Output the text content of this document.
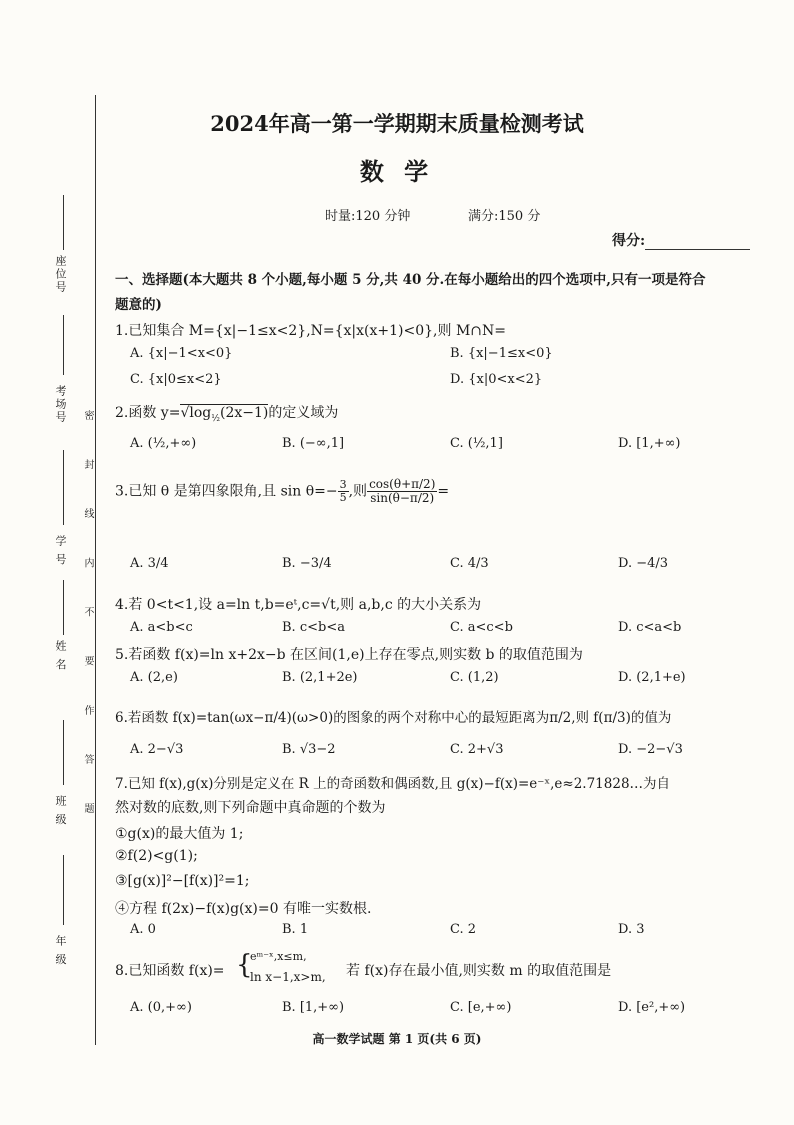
座位号
考场号
学 号
姓 名
班 级
年 级
密 封 线 内 不 要 作 答 题
2024年高一第一学期期末质量检测考试
数 学
时量:120 分钟	满分:150 分
得分:
一、选择题(本大题共 8 个小题,每小题 5 分,共 40 分.在每小题给出的四个选项中,只有一项是符合
题意的)
1.已知集合 M={x|−1≤x<2},N={x|x(x+1)<0},则 M∩N=
A. {x|−1<x<0}	B. {x|−1≤x<0}
C. {x|0≤x<2}	D. {x|0<x<2}
2.函数 $y=√\log_{\frac{1}{2}}(2x-1)$的定义域为
A. (½,+∞)	B. (−∞,1]	C. (½,1]	D. [1,+∞)
3.已知 θ 是第四象限角,且 $\sin \theta=- \frac{3}{5}$ ,则 $\frac{\cos(\theta+\pi/2)}{\sin(\theta-\pi/2)}$ =
A. 3/4	B. −3/4	C. 4/3	D. −4/3
4.若 0<t<1,设 a=ln t,b=eᵗ,c=√t,则 a,b,c 的大小关系为
A. a<b<c	B. c<b<a	C. a<c<b	D. c<a<b
5.若函数 f(x)=ln x+2x−b 在区间(1,e)上存在零点,则实数 b 的取值范围为
A. (2,e)	B. (2,1+2e)	C. (1,2)	D. (2,1+e)
6.若函数 f(x)=tan(ωx−π/4)(ω>0)的图象的两个对称中心的最短距离为π/2,则 f(π/3)的值为
A. 2−√3	B. √3−2	C. 2+√3	D. −2−√3
7.已知 f(x),g(x)分别是定义在 R 上的奇函数和偶函数,且 g(x)−f(x)=e⁻ˣ,e≈2.71828…为自
然对数的底数,则下列命题中真命题的个数为
①g(x)的最大值为 1;
②f(2)<g(1);
③[g(x)]²−[f(x)]²=1;
④方程 f(2x)−f(x)g(x)=0 有唯一实数根.
A. 0	B. 1	C. 2	D. 3
8.已知函数 f(x)= {
eᵐ⁻ˣ,x≤m,
ln x−1,x>m, 若 f(x)存在最小值,则实数 m 的取值范围是
A. (0,+∞)	B. [1,+∞)	C. [e,+∞)	D. [e²,+∞)
高一数学试题 第 1 页(共 6 页)
